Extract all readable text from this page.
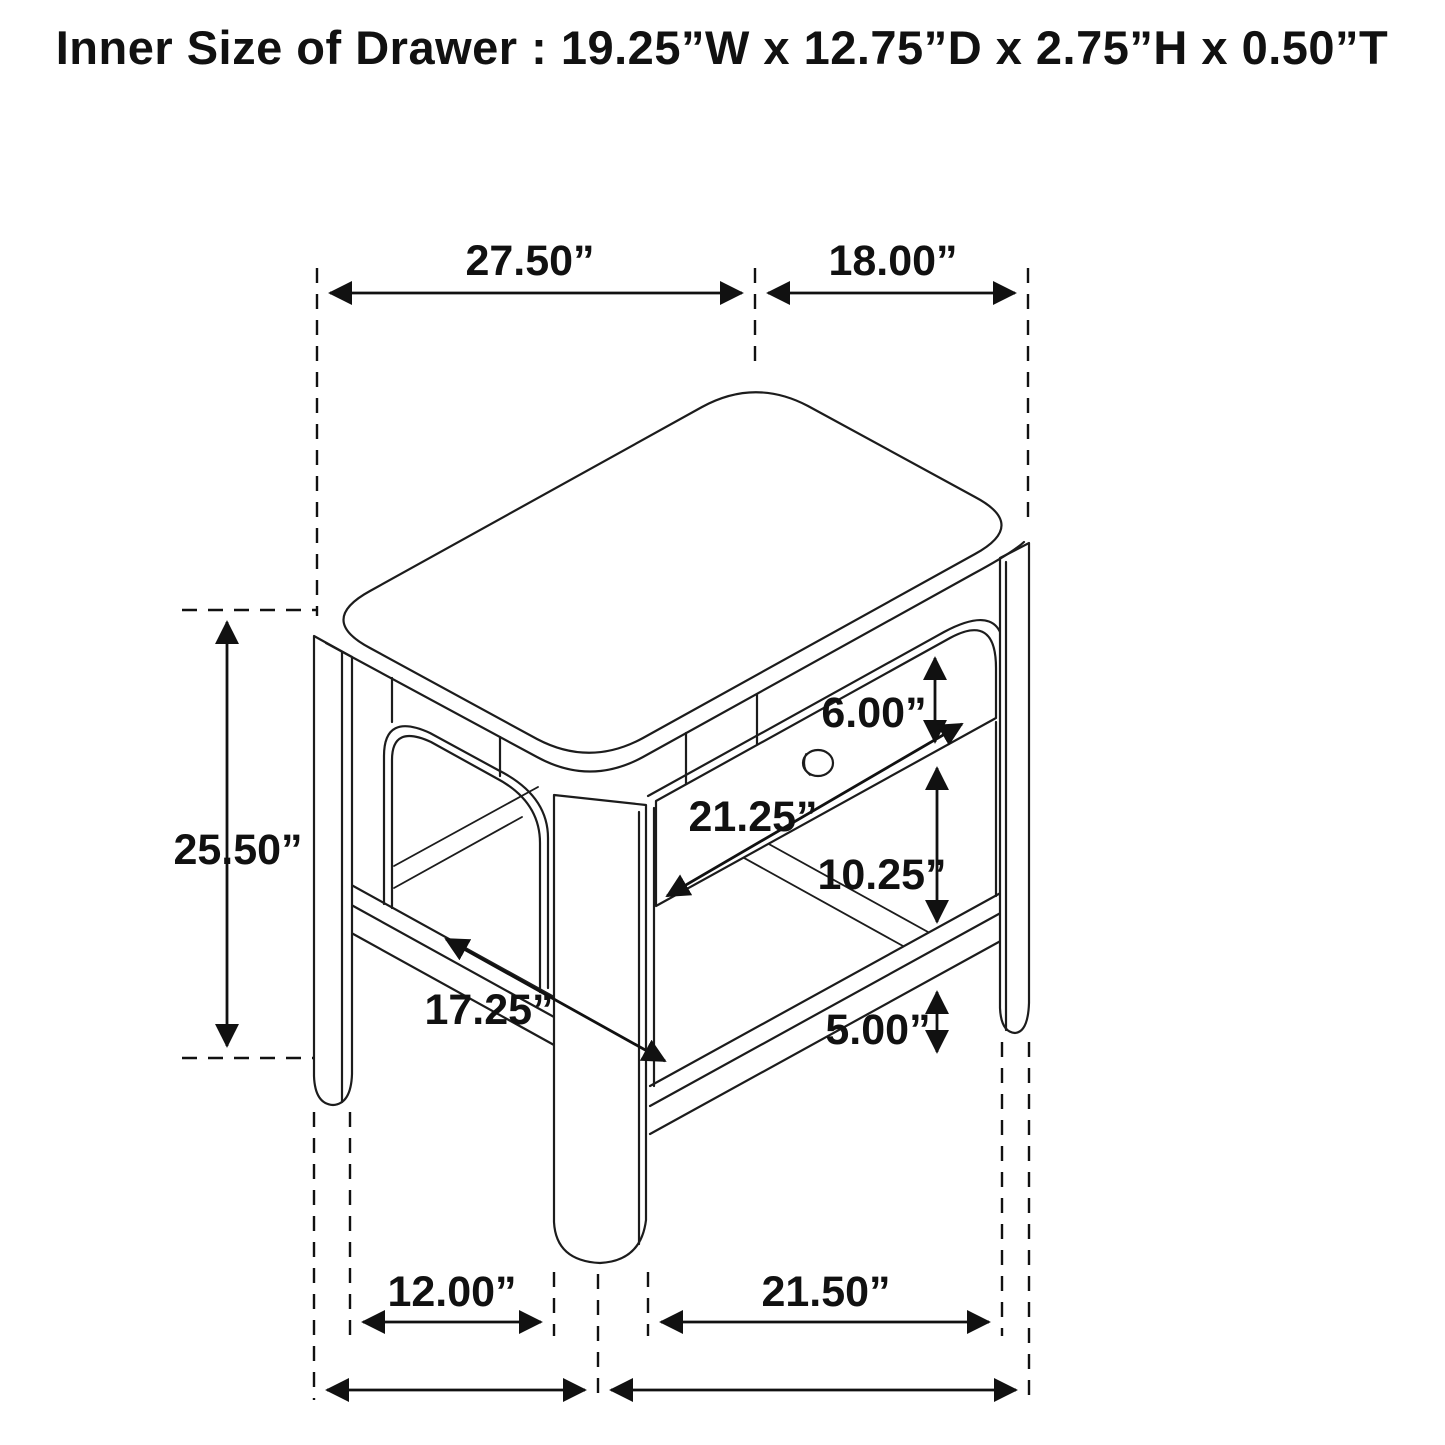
Inner Size of Drawer : 19.25”W x 12.75”D x 2.75”H x 0.50”T
27.50”	18.00”
25.50”
6.00”
21.25”
10.25”
17.25”	5.00”
12.00”	21.50”
